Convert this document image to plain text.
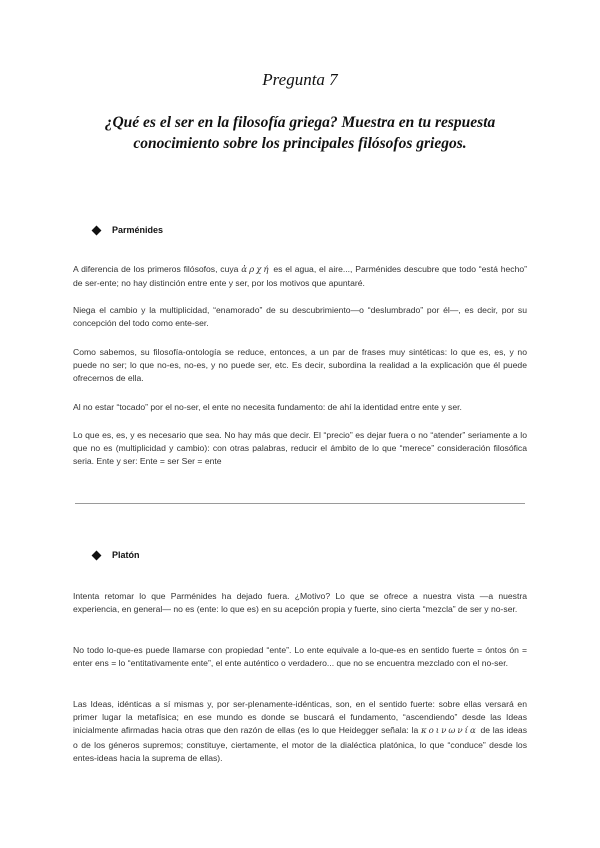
Pregunta 7
¿Qué es el ser en la filosofía griega? Muestra en tu respuesta conocimiento sobre los principales filósofos griegos.
Parménides

A diferencia de los primeros filósofos, cuya ἀρχή es el agua, el aire..., Parménides descubre que todo “está hecho” de ser-ente; no hay distinción entre ente y ser, por los motivos que apuntaré.

Niega el cambio y la multiplicidad, “enamorado” de su descubrimiento—o “deslumbrado” por él—, es decir, por su concepción del todo como ente-ser.

Como sabemos, su filosofía-ontología se reduce, entonces, a un par de frases muy sintéticas: lo que es, es, y no puede no ser; lo que no-es, no-es, y no puede ser, etc. Es decir, subordina la realidad a la explicación que él puede ofrecernos de ella.

Al no estar “tocado” por el no-ser, el ente no necesita fundamento: de ahí la identidad entre ente y ser.

Lo que es, es, y es necesario que sea. No hay más que decir. El “precio” es dejar fuera o no “atender” seriamente a lo que no es (multiplicidad y cambio): con otras palabras, reducir el ámbito de lo que “merece” consideración filosófica seria. Ente y ser: Ente = ser Ser = ente

Platón

Intenta retomar lo que Parménides ha dejado fuera. ¿Motivo? Lo que se ofrece a nuestra vista —a nuestra experiencia, en general— no es (ente: lo que es) en su acepción propia y fuerte, sino cierta “mezcla” de ser y no-ser.

No todo lo-que-es puede llamarse con propiedad “ente”. Lo ente equivale a lo-que-es en sentido fuerte = óntos ón = enter ens = lo “entitativamente ente”, el ente auténtico o verdadero... que no se encuentra mezclado con el no-ser.

Las Ideas, idénticas a sí mismas y, por ser-plenamente-idénticas, son, en el sentido fuerte: sobre ellas versará en primer lugar la metafísica; en ese mundo es donde se buscará el fundamento, “ascendiendo” desde las Ideas inicialmente afirmadas hacia otras que den razón de ellas (es lo que Heidegger señala: la κοινωνία de las ideas o de los géneros supremos; constituye, ciertamente, el motor de la dialéctica platónica, lo que “conduce” desde los entes-ideas hacia la suprema de ellas).
